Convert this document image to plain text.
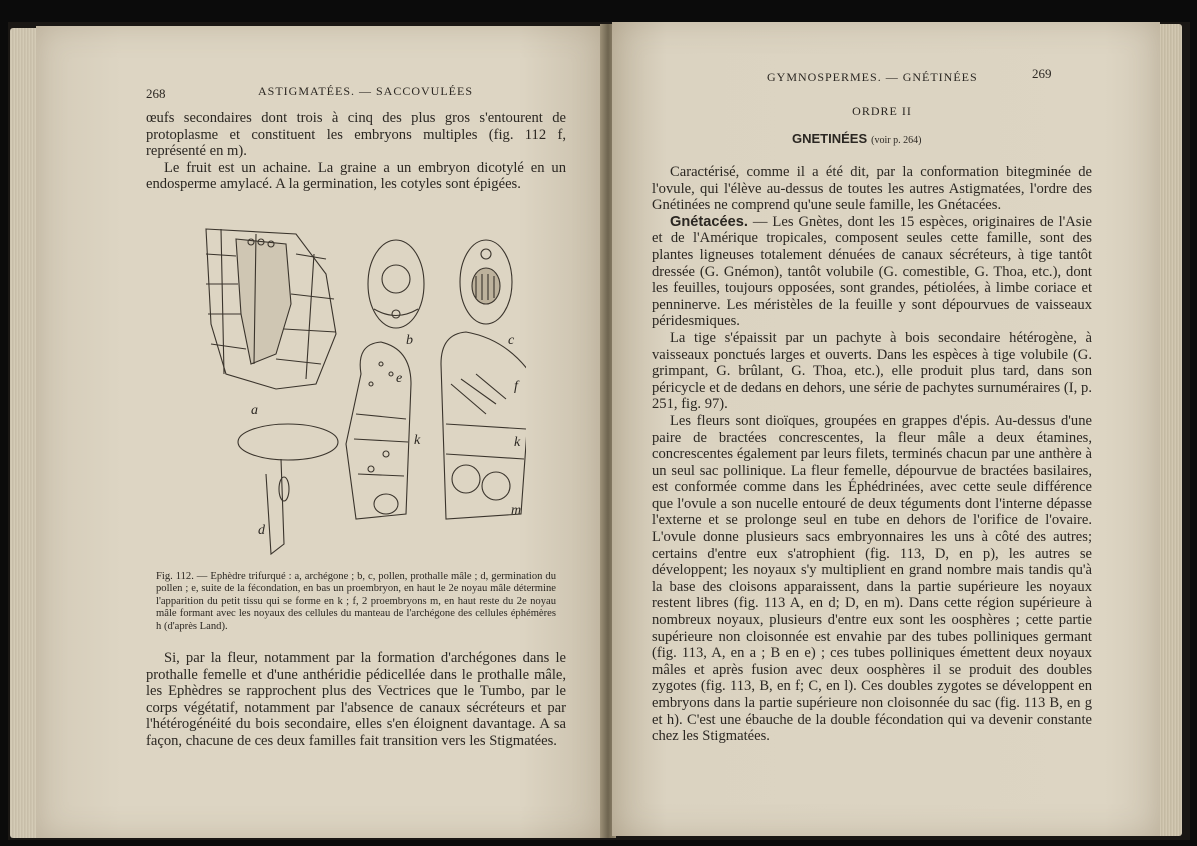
268	ASTIGMATÉES. — SACCOVULÉES

œufs secondaires dont trois à cinq des plus gros s'entourent de protoplasme et constituent les embryons multiples (fig. 112 f, représenté en m).

Le fruit est un achaine. La graine a un embryon dicotylé en un endosperme amylacé. A la germination, les cotyles sont épigées.

a
b	c
d
e
f
k	k
m
Fig. 112. — Ephèdre trifurqué : a, archégone ; b, c, pollen, prothalle mâle ; d, germination du pollen ; e, suite de la fécondation, en bas un proembryon, en haut le 2e noyau mâle détermine l'apparition du petit tissu qui se forme en k ; f, 2 proembryons m, en haut reste du 2e noyau mâle formant avec les noyaux des cellules du manteau de l'archégone des cellules éphémères h (d'après Land).

Si, par la fleur, notamment par la formation d'archégones dans le prothalle femelle et d'une anthéridie pédicellée dans le prothalle mâle, les Ephèdres se rapprochent plus des Vectrices que le Tumbo, par le corps végétatif, notamment par l'absence de canaux sécréteurs et par l'hétérogénéité du bois secondaire, elles s'en éloignent davantage. A sa façon, chacune de ces deux familles fait transition vers les Stigmatées.

GYMNOSPERMES. — GNÉTINÉES	269
ORDRE II
GNETINÉES (voir p. 264)

Caractérisé, comme il a été dit, par la conformation bitegminée de l'ovule, qui l'élève au-dessus de toutes les autres Astigmatées, l'ordre des Gnétinées ne comprend qu'une seule famille, les Gnétacées.

Gnétacées. — Les Gnètes, dont les 15 espèces, originaires de l'Asie et de l'Amérique tropicales, composent seules cette famille, sont des plantes ligneuses totalement dénuées de canaux sécréteurs, à tige tantôt dressée (G. Gnémon), tantôt volubile (G. comestible, G. Thoa, etc.), dont les feuilles, toujours opposées, sont grandes, pétiolées, à limbe coriace et penninerve. Les méristèles de la feuille y sont dépourvues de vaisseaux péridesmiques.

La tige s'épaissit par un pachyte à bois secondaire hétérogène, à vaisseaux ponctués larges et ouverts. Dans les espèces à tige volubile (G. grimpant, G. brûlant, G. Thoa, etc.), elle produit plus tard, dans son péricycle et de dedans en dehors, une série de pachytes surnuméraires (I, p. 251, fig. 97).

Les fleurs sont dioïques, groupées en grappes d'épis. Au-dessus d'une paire de bractées concrescentes, la fleur mâle a deux étamines, concrescentes également par leurs filets, terminés chacun par une anthère à un seul sac pollinique. La fleur femelle, dépourvue de bractées basilaires, est conformée comme dans les Éphédrinées, avec cette seule différence que l'ovule a son nucelle entouré de deux téguments dont l'interne dépasse l'externe et se prolonge seul en tube en dehors de l'orifice de l'ovaire. L'ovule donne plusieurs sacs embryonnaires les uns à côté des autres; certains d'entre eux s'atrophient (fig. 113, D, en p), les autres se développent; les noyaux s'y multiplient en grand nombre mais tandis qu'à la base des cloisons apparaissent, dans la partie supérieure les noyaux restent libres (fig. 113 A, en d; D, en m). Dans cette région supérieure à nombreux noyaux, plusieurs d'entre eux sont les oosphères ; cette partie supérieure non cloisonnée est envahie par des tubes polliniques germant (fig. 113, A, en a ; B en e) ; ces tubes polliniques émettent deux noyaux mâles et après fusion avec deux oosphères il se produit des doubles zygotes (fig. 113, B, en f; C, en l). Ces doubles zygotes se développent en embryons dans la partie supérieure non cloisonnée du sac (fig. 113 B, en g et h). C'est une ébauche de la double fécondation qui va devenir constante chez les Stigmatées.
